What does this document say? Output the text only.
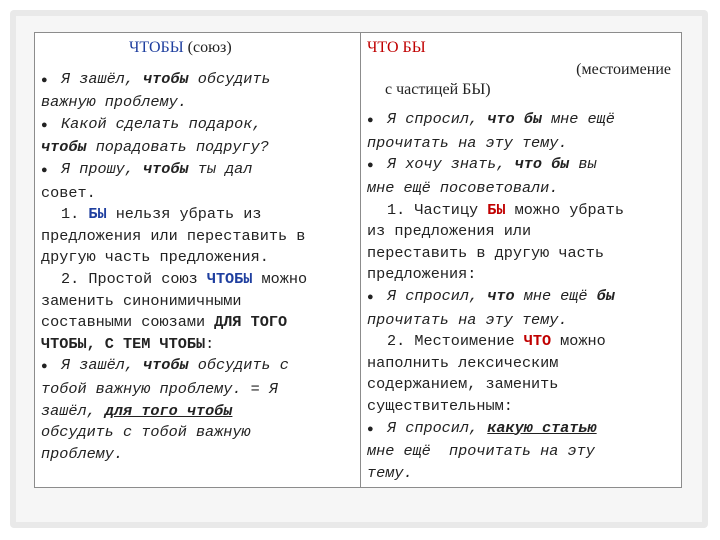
ЧТОБЫ (союз)
● Я зашёл, чтобы обсудить
важную проблему.
● Какой сделать подарок,
чтобы порадовать подругу?
● Я прошу, чтобы ты дал
совет.
1. БЫ нельзя убрать из
предложения или переставить в
другую часть предложения.
2. Простой союз ЧТОБЫ можно
заменить синонимичными
составными союзами ДЛЯ ТОГО
ЧТОБЫ, С ТЕМ ЧТОБЫ:
● Я зашёл, чтобы обсудить с
тобой важную проблему. = Я
зашёл, для того чтобы
обсудить с тобой важную
проблему.
ЧТО БЫ
(местоимение
с частицей БЫ)
● Я спросил, что бы мне ещё
прочитать на эту тему.
● Я хочу знать, что бы вы
мне ещё посоветовали.
1. Частицу БЫ можно убрать
из предложения или
переставить в другую часть
предложения:
● Я спросил, что мне ещё бы
прочитать на эту тему.
2. Местоимение ЧТО можно
наполнить лексическим
содержанием, заменить
существительным:
● Я спросил, какую статью
мне ещё  прочитать на эту
тему.
